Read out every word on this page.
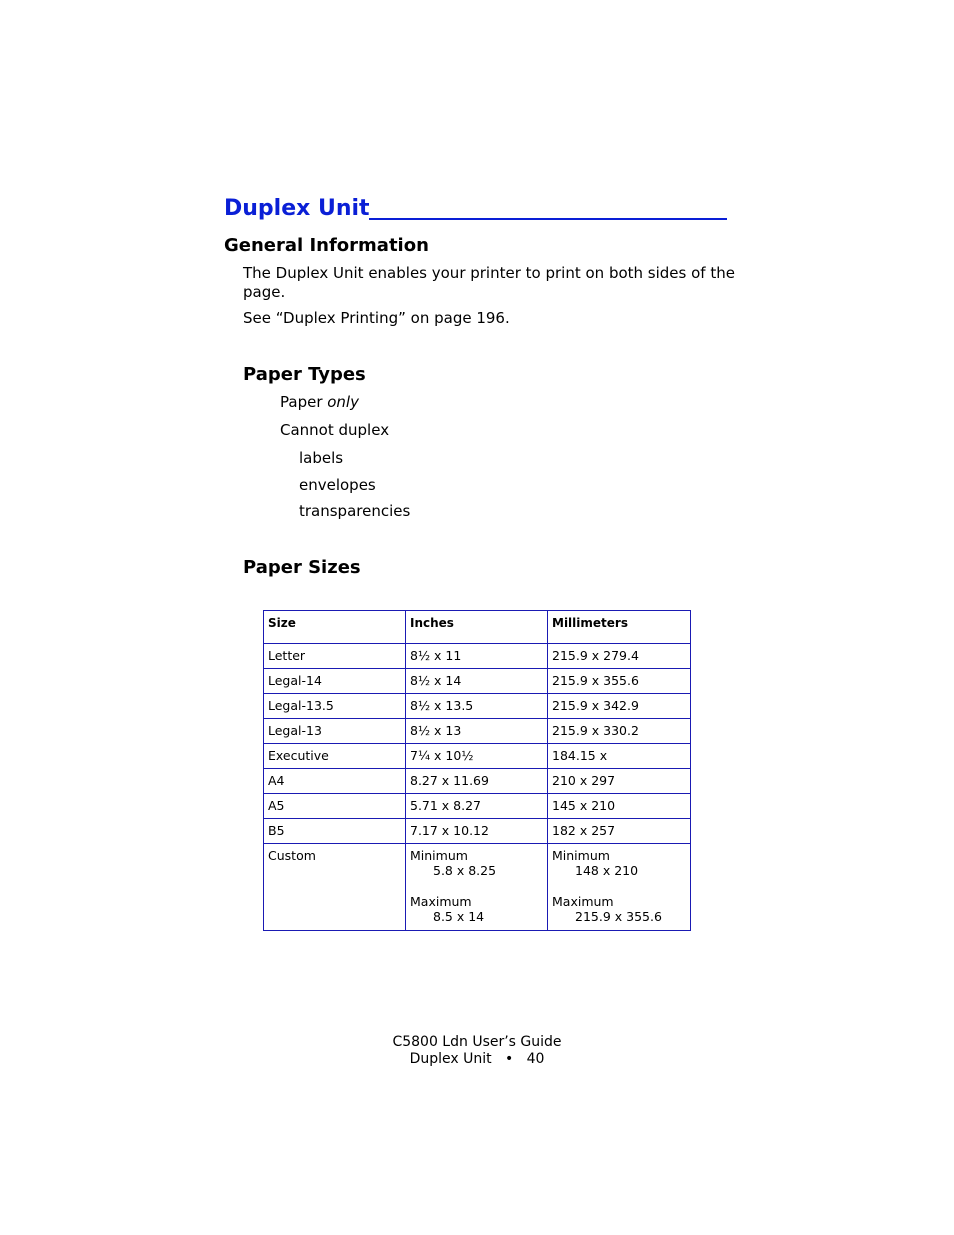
Duplex Unit
General Information
The Duplex Unit enables your printer to print on both sides of the page.
See “Duplex Printing” on page 196.
Paper Types
Paper only
Cannot duplex
labels
envelopes
transparencies
Paper Sizes
Size	Inches	Millimeters
Letter	8½ x 11	215.9 x 279.4
Legal-14	8½ x 14	215.9 x 355.6
Legal-13.5	8½ x 13.5	215.9 x 342.9
Legal-13	8½ x 13	215.9 x 330.2
Executive	7¼ x 10½	184.15 x
A4	8.27 x 11.69	210 x 297
A5	5.71 x 8.27	145 x 210
B5	7.17 x 10.12	182 x 257
Custom	Minimum
5.8 x 8.25
Maximum
8.5 x 14	Minimum
148 x 210
Maximum
215.9 x 355.6
C5800 Ldn User’s Guide
Duplex Unit • 40
